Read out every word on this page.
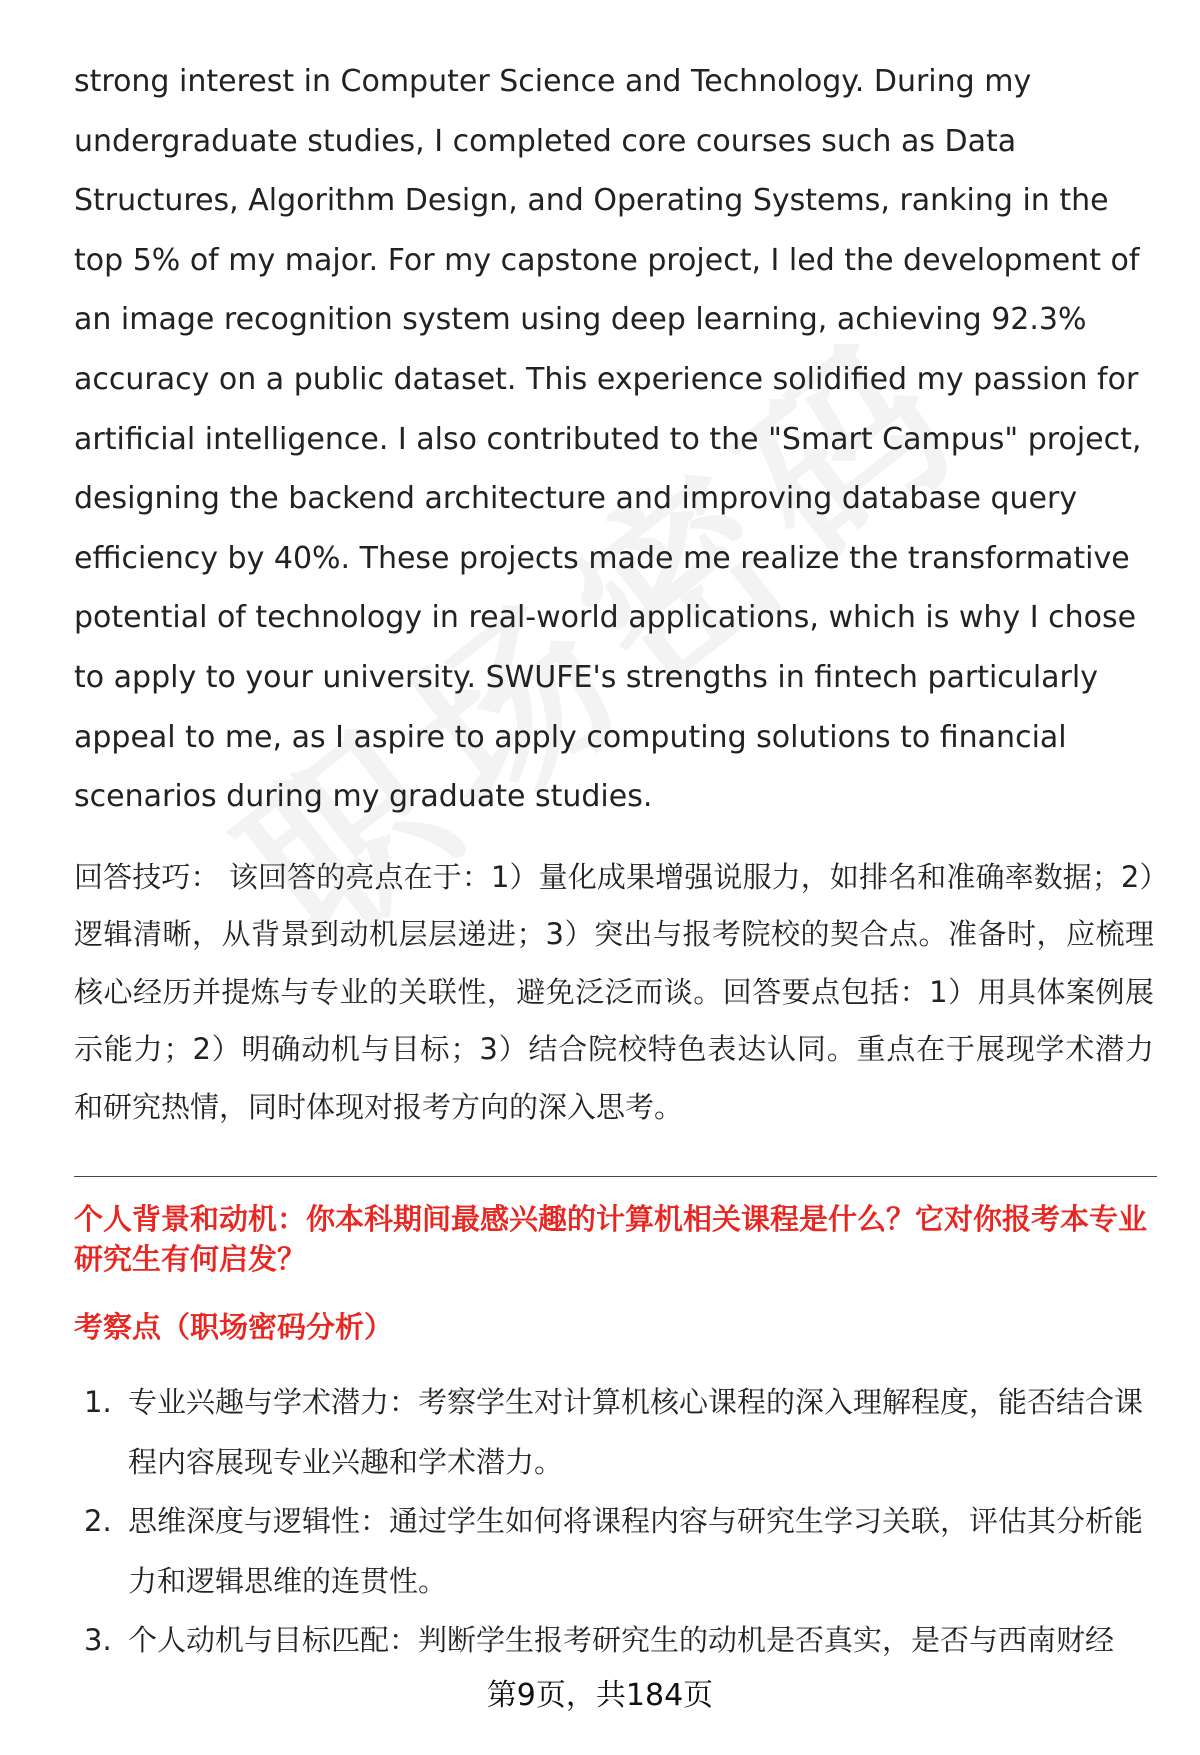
strong interest in Computer Science and Technology. During my undergraduate studies, I completed core courses such as Data Structures, Algorithm Design, and Operating Systems, ranking in the top 5% of my major. For my capstone project, I led the development of an image recognition system using deep learning, achieving 92.3% accuracy on a public dataset. This experience solidified my passion for artificial intelligence. I also contributed to the "Smart Campus" project, designing the backend architecture and improving database query efficiency by 40%. These projects made me realize the transformative potential of technology in real-world applications, which is why I chose to apply to your university. SWUFE's strengths in fintech particularly appeal to me, as I aspire to apply computing solutions to financial scenarios during my graduate studies.

回答技巧： 该回答的亮点在于：1）量化成果增强说服力，如排名和准确率数据；2）逻辑清晰，从背景到动机层层递进；3）突出与报考院校的契合点。准备时，应梳理核心经历并提炼与专业的关联性，避免泛泛而谈。回答要点包括：1）用具体案例展示能力；2）明确动机与目标；3）结合院校特色表达认同。重点在于展现学术潜力和研究热情，同时体现对报考方向的深入思考。

个人背景和动机：你本科期间最感兴趣的计算机相关课程是什么？它对你报考本专业研究生有何启发？
考察点（职场密码分析）
1. 专业兴趣与学术潜力：考察学生对计算机核心课程的深入理解程度，能否结合课程内容展现专业兴趣和学术潜力。
2. 思维深度与逻辑性：通过学生如何将课程内容与研究生学习关联，评估其分析能力和逻辑思维的连贯性。
3. 个人动机与目标匹配：判断学生报考研究生的动机是否真实，是否与西南财经
第9页，共184页
